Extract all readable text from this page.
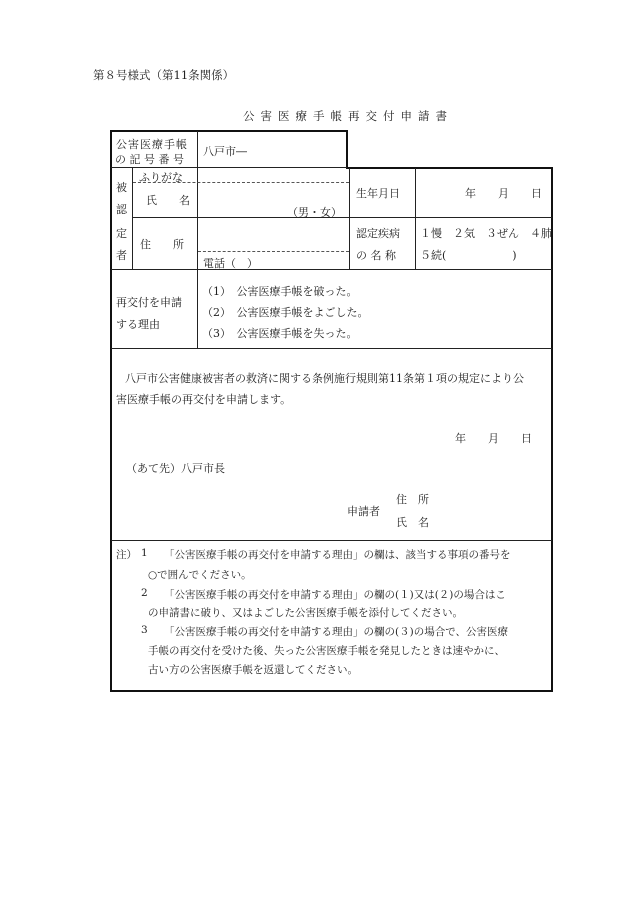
第８号様式（第11条関係）
公害医療手帳再交付申請書
公害医療手帳
の 記 号 番 号
八戸市―
被
認
定
者
ふりがな
氏　　名
（男・女）
生年月日	年　　月　　日
住　　所
電話（　）
認定疾病
の 名 称
１慢　２気　３ぜん　４肺
５続(　　　　　　)
再交付を申請
する理由
（1）　公害医療手帳を破った。
（2）　公害医療手帳をよごした。
（3）　公害医療手帳を失った。
八戸市公害健康被害者の救済に関する条例施行規則第11条第１項の規定により公
害医療手帳の再交付を申請します。
年　　月　　日
（あて先）八戸市長
申請者
住　所
氏　名
注） 1 「公害医療手帳の再交付を申請する理由」の欄は、該当する事項の番号を
○で囲んでください。
2 「公害医療手帳の再交付を申請する理由」の欄の(１)又は(２)の場合はこ
の申請書に破り、又はよごした公害医療手帳を添付してください。
3 「公害医療手帳の再交付を申請する理由」の欄の(３)の場合で、公害医療
手帳の再交付を受けた後、失った公害医療手帳を発見したときは速やかに、
古い方の公害医療手帳を返還してください。
